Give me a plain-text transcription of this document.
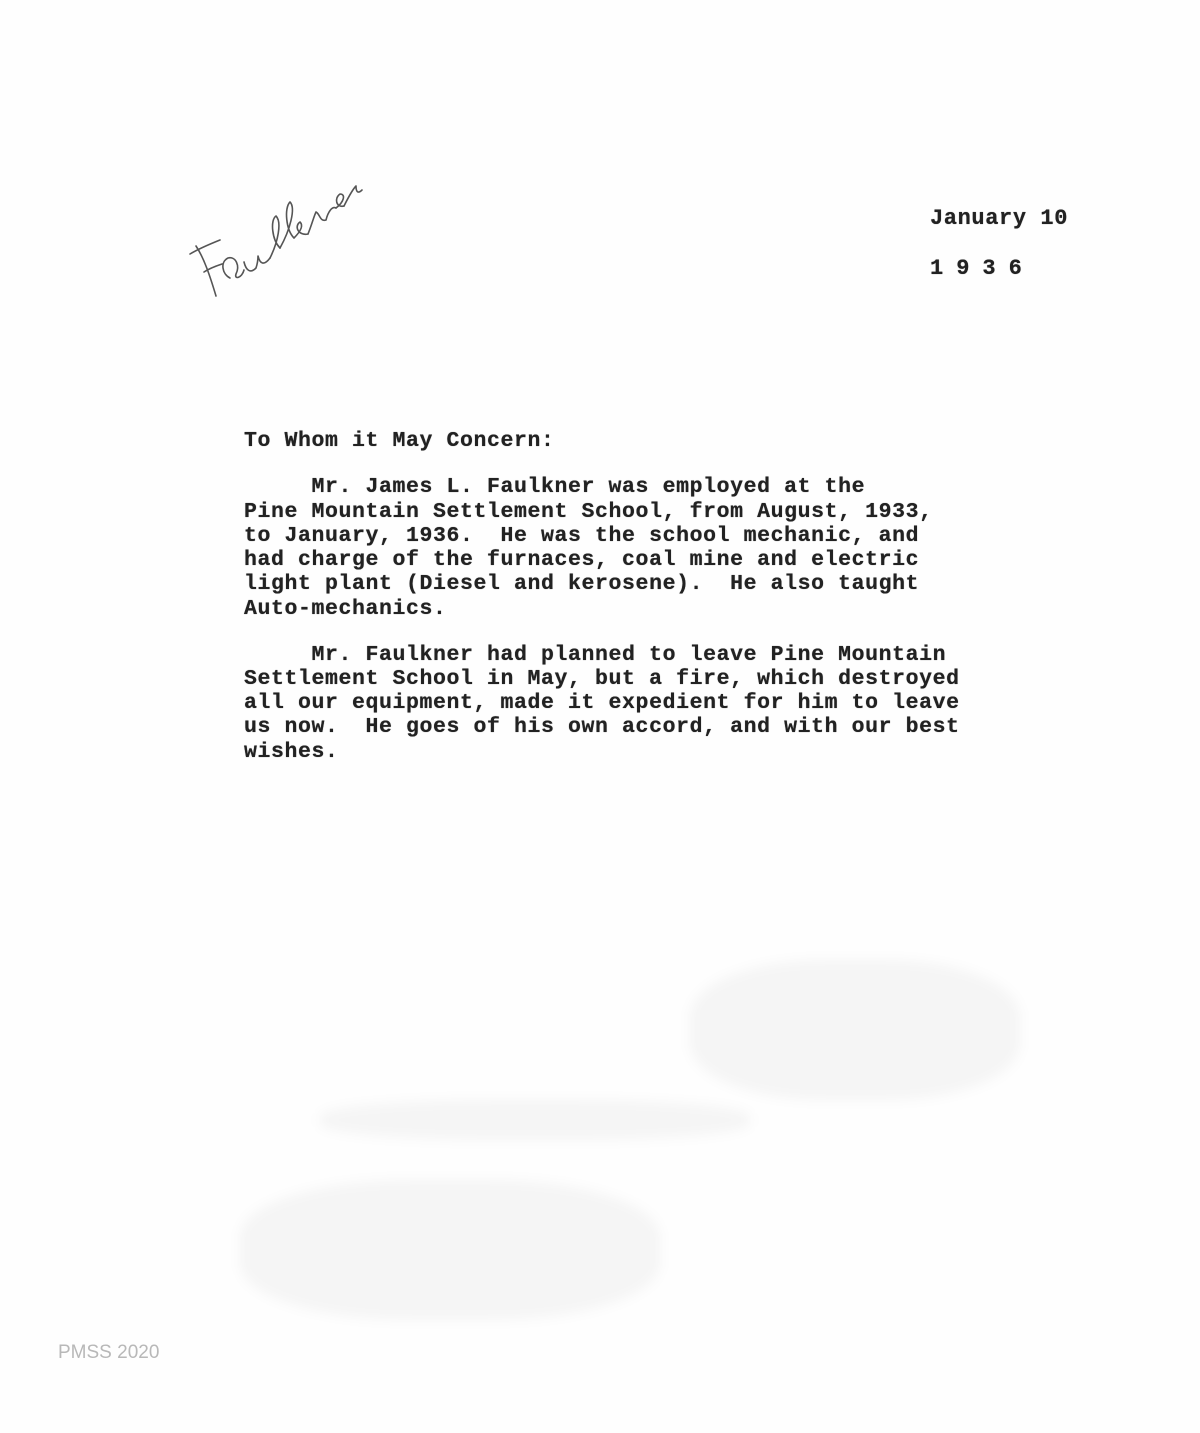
January 10
1936
To Whom it May Concern:
Mr. James L. Faulkner was employed at the
Pine Mountain Settlement School, from August, 1933,
to January, 1936.  He was the school mechanic, and
had charge of the furnaces, coal mine and electric
light plant (Diesel and kerosene).  He also taught
Auto-mechanics.
Mr. Faulkner had planned to leave Pine Mountain
Settlement School in May, but a fire, which destroyed
all our equipment, made it expedient for him to leave
us now.  He goes of his own accord, and with our best
wishes.
PMSS 2020
